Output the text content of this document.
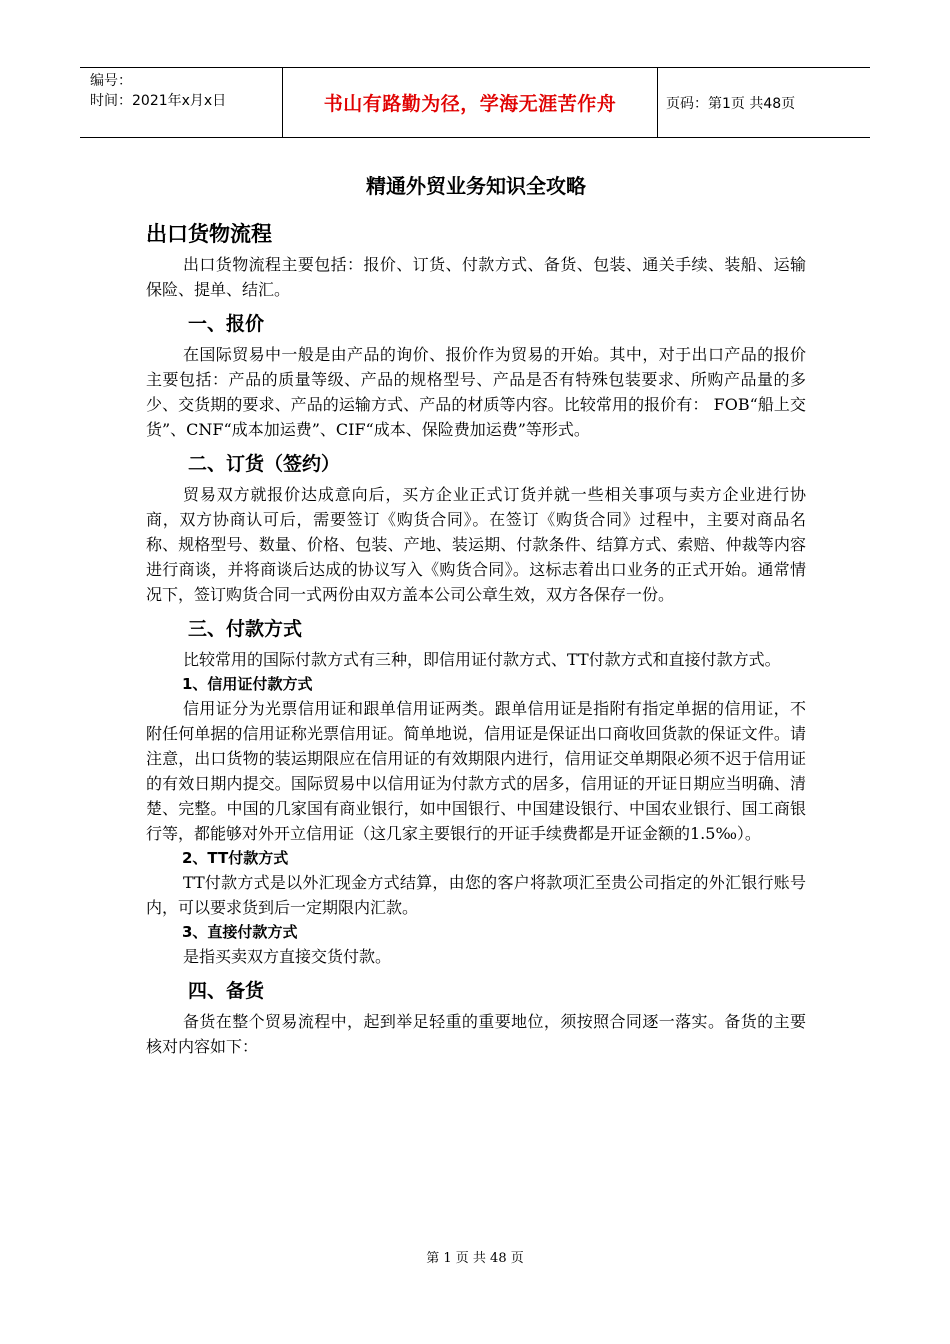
编号：
时间：2021年x月x日	书山有路勤为径，学海无涯苦作舟	页码：第1页 共48页
精通外贸业务知识全攻略
出口货物流程

出口货物流程主要包括：报价、订货、付款方式、备货、包装、通关手续、装船、运输保险、提单、结汇。

一、报价

在国际贸易中一般是由产品的询价、报价作为贸易的开始。其中，对于出口产品的报价主要包括：产品的质量等级、产品的规格型号、产品是否有特殊包装要求、所购产品量的多少、交货期的要求、产品的运输方式、产品的材质等内容。比较常用的报价有： FOB“船上交货”、CNF“成本加运费”、CIF“成本、保险费加运费”等形式。

二、订货（签约）

贸易双方就报价达成意向后，买方企业正式订货并就一些相关事项与卖方企业进行协商，双方协商认可后，需要签订《购货合同》。在签订《购货合同》过程中，主要对商品名称、规格型号、数量、价格、包装、产地、装运期、付款条件、结算方式、索赔、仲裁等内容进行商谈，并将商谈后达成的协议写入《购货合同》。这标志着出口业务的正式开始。通常情况下，签订购货合同一式两份由双方盖本公司公章生效，双方各保存一份。

三、付款方式

比较常用的国际付款方式有三种，即信用证付款方式、TT付款方式和直接付款方式。

1、信用证付款方式

信用证分为光票信用证和跟单信用证两类。跟单信用证是指附有指定单据的信用证，不附任何单据的信用证称光票信用证。简单地说，信用证是保证出口商收回货款的保证文件。请注意，出口货物的装运期限应在信用证的有效期限内进行，信用证交单期限必须不迟于信用证的有效日期内提交。国际贸易中以信用证为付款方式的居多，信用证的开证日期应当明确、清楚、完整。中国的几家国有商业银行，如中国银行、中国建设银行、中国农业银行、国工商银行等，都能够对外开立信用证（这几家主要银行的开证手续费都是开证金额的1.5‰）。

2、TT付款方式

TT付款方式是以外汇现金方式结算，由您的客户将款项汇至贵公司指定的外汇银行账号内，可以要求货到后一定期限内汇款。

3、直接付款方式

是指买卖双方直接交货付款。

四、备货

备货在整个贸易流程中，起到举足轻重的重要地位，须按照合同逐一落实。备货的主要核对内容如下：

第 1 页 共 48 页
